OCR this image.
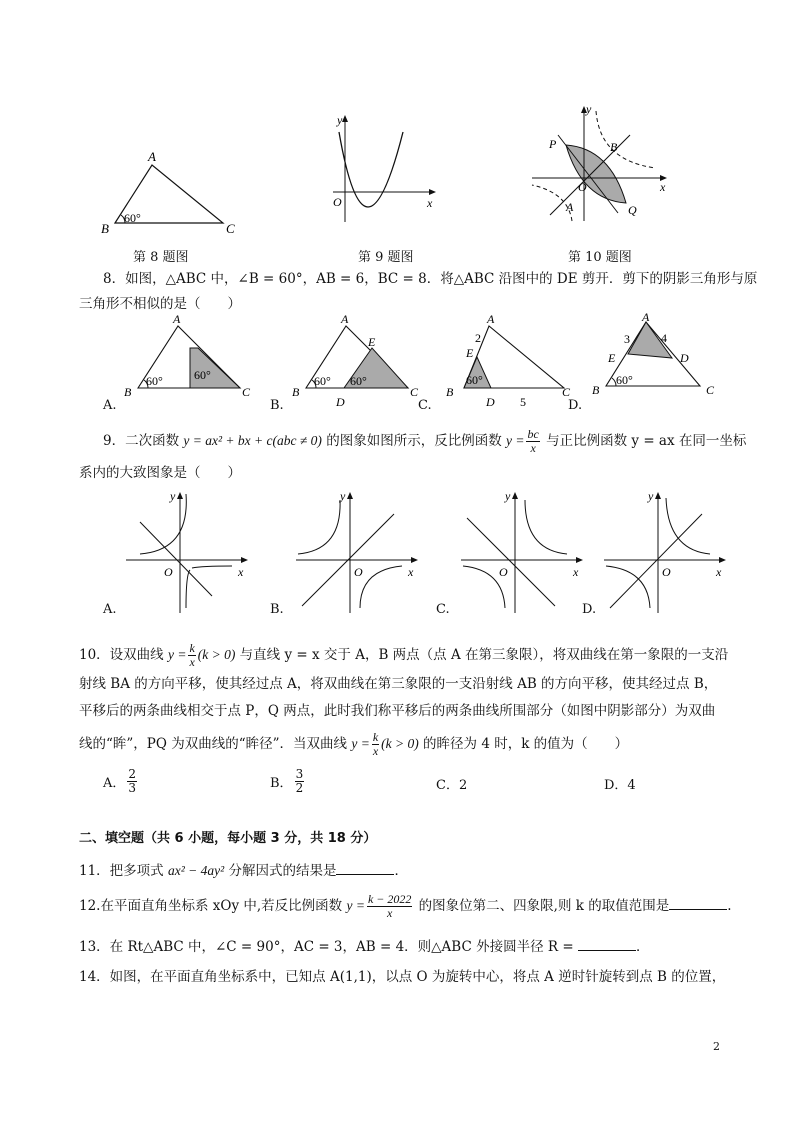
A
B	C
60°
第 8 题图
y
x
O
第 9 题图
y
x
O
P	B
A	Q
第 10 题图
8．如图，△ABC 中，∠B = 60°，AB = 6，BC = 8．将△ABC 沿图中的 DE 剪开．剪下的阴影三角形与原
三角形不相似的是（　　）
A
B	C
60°	60°
A.
A
E
B	C
D
60° 60°
B.
A
2
E
B	C
D 5
60°
C.
A
3	4
E	D
B	C
60°
D.
9．二次函数 y = ax² + bx + c(abc ≠ 0) 的图象如图所示，反比例函数 $y = \frac{bc}{x}$ 与正比例函数 y = ax 在同一坐标
系内的大致图象是（　　）
y
x
O
A.
y
x
O
B.
y
x
O
C.
y
x
O
D.
10．设双曲线 $y = \frac{k}{x} (k > 0)$ 与直线 y = x 交于 A，B 两点（点 A 在第三象限），将双曲线在第一象限的一支沿
射线 BA 的方向平移，使其经过点 A，将双曲线在第三象限的一支沿射线 AB 的方向平移，使其经过点 B，
平移后的两条曲线相交于点 P，Q 两点，此时我们称平移后的两条曲线所围部分（如图中阴影部分）为双曲
线的“眸”，PQ 为双曲线的“眸径”．当双曲线 $y = \frac{k}{x} (k > 0)$ 的眸径为 4 时，k 的值为（　　）
A． $\frac{2}{3}$	B． $\frac{3}{2}$	C．2	D．4
二、填空题（共 6 小题，每小题 3 分，共 18 分）
11．把多项式 ax² − 4ay² 分解因式的结果是	．
12.在平面直角坐标系 xOy 中,若反比例函数 $y = \frac{k - 2022}{x}$ 的图象位第二、四象限,则 k 的取值范围是	.
13．在 Rt△ABC 中，∠C = 90°，AC = 3，AB = 4．则△ABC 外接圆半径 R =	．
14．如图，在平面直角坐标系中，已知点 A(1,1)，以点 O 为旋转中心，将点 A 逆时针旋转到点 B 的位置，
2
